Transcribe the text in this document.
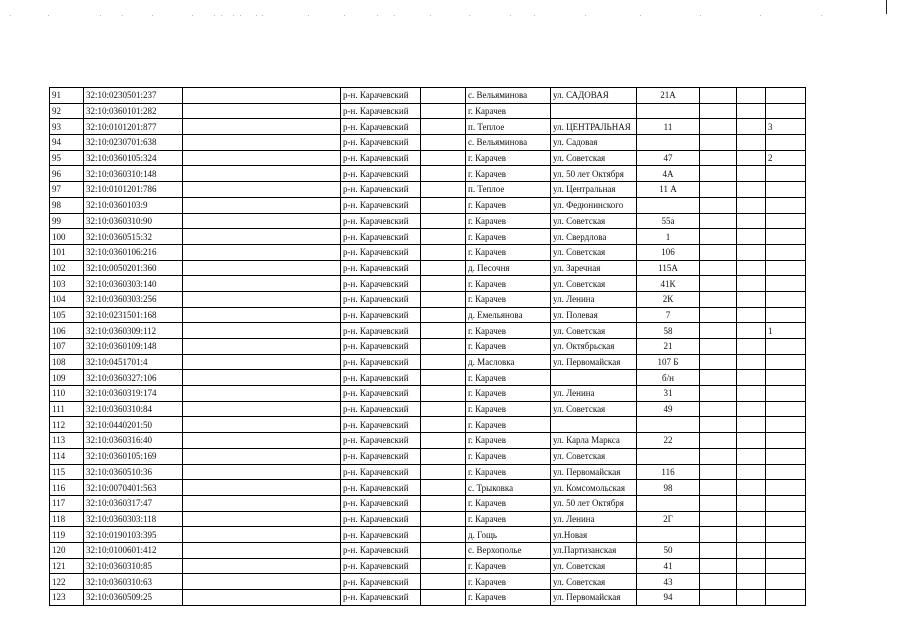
91	32:10:0230501:237		р-н. Карачевский		с. Вельяминова	ул. САДОВАЯ	21А			
92	32:10:0360101:282		р-н. Карачевский		г. Карачев					
93	32:10:0101201:877		р-н. Карачевский		п. Теплое	ул. ЦЕНТРАЛЬНАЯ	11			3
94	32:10:0230701:638		р-н. Карачевский		с. Вельяминова	ул. Садовая				
95	32:10:0360105:324		р-н. Карачевский		г. Карачев	ул. Советская	47			2
96	32:10:0360310:148		р-н. Карачевский		г. Карачев	ул. 50 лет Октября	4А			
97	32:10:0101201:786		р-н. Карачевский		п. Теплое	ул. Центральная	11 А			
98	32:10:0360103:9		р-н. Карачевский		г. Карачев	ул. Федюнинского				
99	32:10:0360310:90		р-н. Карачевский		г. Карачев	ул. Советская	55а			
100	32:10:0360515:32		р-н. Карачевский		г. Карачев	ул. Свердлова	1			
101	32:10:0360106:216		р-н. Карачевский		г. Карачев	ул. Советская	106			
102	32:10:0050201:360		р-н. Карачевский		д. Песочня	ул. Заречная	115А			
103	32:10:0360303:140		р-н. Карачевский		г. Карачев	ул. Советская	41К			
104	32:10:0360303:256		р-н. Карачевский		г. Карачев	ул. Ленина	2К			
105	32:10:0231501:168		р-н. Карачевский		д. Емельяновa	ул. Полевая	7			
106	32:10:0360309:112		р-н. Карачевский		г. Карачев	ул. Советская	58			1
107	32:10:0360109:148		р-н. Карачевский		г. Карачев	ул. Октябрьская	21			
108	32:10:0451701:4		р-н. Карачевский		д. Масловка	ул. Первомайская	107 Б			
109	32:10:0360327:106		р-н. Карачевский		г. Карачев		б/н			
110	32:10:0360319:174		р-н. Карачевский		г. Карачев	ул. Ленина	31			
111	32:10:0360310:84		р-н. Карачевский		г. Карачев	ул. Советская	49			
112	32:10:0440201:50		р-н. Карачевский		г. Карачев					
113	32:10:0360316:40		р-н. Карачевский		г. Карачев	ул. Карла Маркса	22			
114	32:10:0360105:169		р-н. Карачевский		г. Карачев	ул. Советская				
115	32:10:0360510:36		р-н. Карачевский		г. Карачев	ул. Первомайская	116			
116	32:10:0070401:563		р-н. Карачевский		с. Трыковка	ул. Комсомольская	98			
117	32:10:0360317:47		р-н. Карачевский		г. Карачев	ул. 50 лет Октября				
118	32:10:0360303:118		р-н. Карачевский		г. Карачев	ул. Ленина	2Г			
119	32:10:0190103:395		р-н. Карачевский		д. Гощь	ул.Новая				
120	32:10:0100601:412		р-н. Карачевский		с. Верхополье	ул.Партизанская	50			
121	32:10:0360310:85		р-н. Карачевский		г. Карачев	ул. Советская	41			
122	32:10:0360310:63		р-н. Карачевский		г. Карачев	ул. Советская	43			
123	32:10:0360509:25		р-н. Карачевский		г. Карачев	ул. Первомайская	94			
